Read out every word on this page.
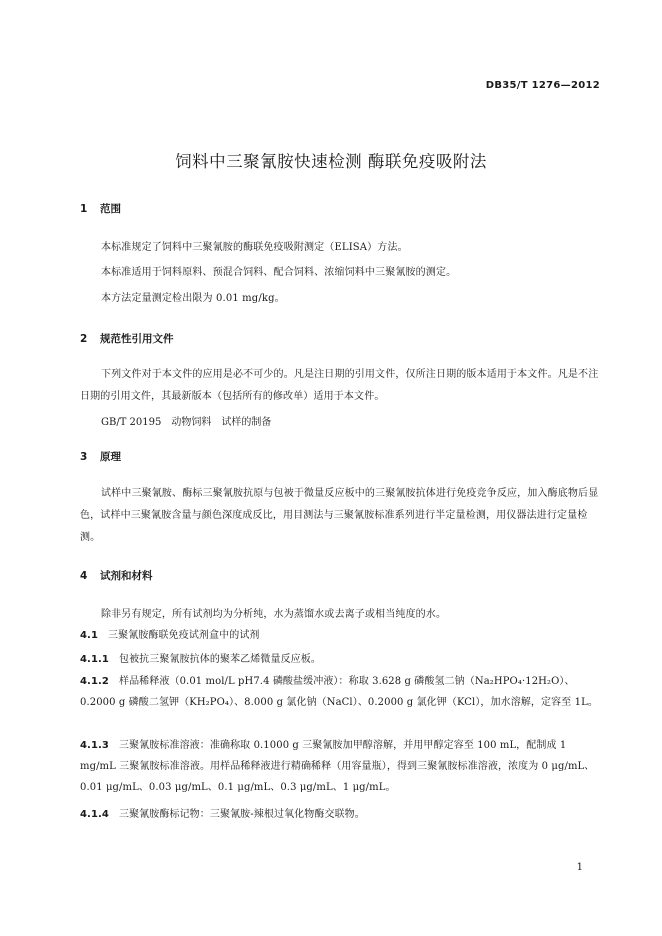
DB35/T 1276—2012
饲料中三聚氰胺快速检测 酶联免疫吸附法
1 范围
本标准规定了饲料中三聚氰胺的酶联免疫吸附测定（ELISA）方法。
本标准适用于饲料原料、预混合饲料、配合饲料、浓缩饲料中三聚氰胺的测定。
本方法定量测定检出限为 0.01 mg/kg。
2 规范性引用文件
下列文件对于本文件的应用是必不可少的。凡是注日期的引用文件，仅所注日期的版本适用于本文件。凡是不注日期的引用文件，其最新版本（包括所有的修改单）适用于本文件。
GB/T 20195 动物饲料　试样的制备
3 原理
试样中三聚氰胺、酶标三聚氰胺抗原与包被于微量反应板中的三聚氰胺抗体进行免疫竞争反应，加入酶底物后显色，试样中三聚氰胺含量与颜色深度成反比，用目测法与三聚氰胺标准系列进行半定量检测，用仪器法进行定量检测。
4 试剂和材料
除非另有规定，所有试剂均为分析纯，水为蒸馏水或去离子或相当纯度的水。
4.1 三聚氰胺酶联免疫试剂盒中的试剂
4.1.1 包被抗三聚氰胺抗体的聚苯乙烯微量反应板。
4.1.2 样品稀释液（0.01 mol/L pH7.4 磷酸盐缓冲液）：称取 3.628 g 磷酸氢二钠（Na₂HPO₄·12H₂O）、0.2000 g 磷酸二氢钾（KH₂PO₄）、8.000 g 氯化钠（NaCl）、0.2000 g 氯化钾（KCl），加水溶解，定容至 1L。
4.1.3 三聚氰胺标准溶液：准确称取 0.1000 g 三聚氰胺加甲醇溶解，并用甲醇定容至 100 mL，配制成 1 mg/mL 三聚氰胺标准溶液。用样品稀释液进行精确稀释（用容量瓶），得到三聚氰胺标准溶液，浓度为 0 μg/mL、0.01 μg/mL、0.03 μg/mL、0.1 μg/mL、0.3 μg/mL、1 μg/mL。
4.1.4 三聚氰胺酶标记物：三聚氰胺-辣根过氧化物酶交联物。
1
